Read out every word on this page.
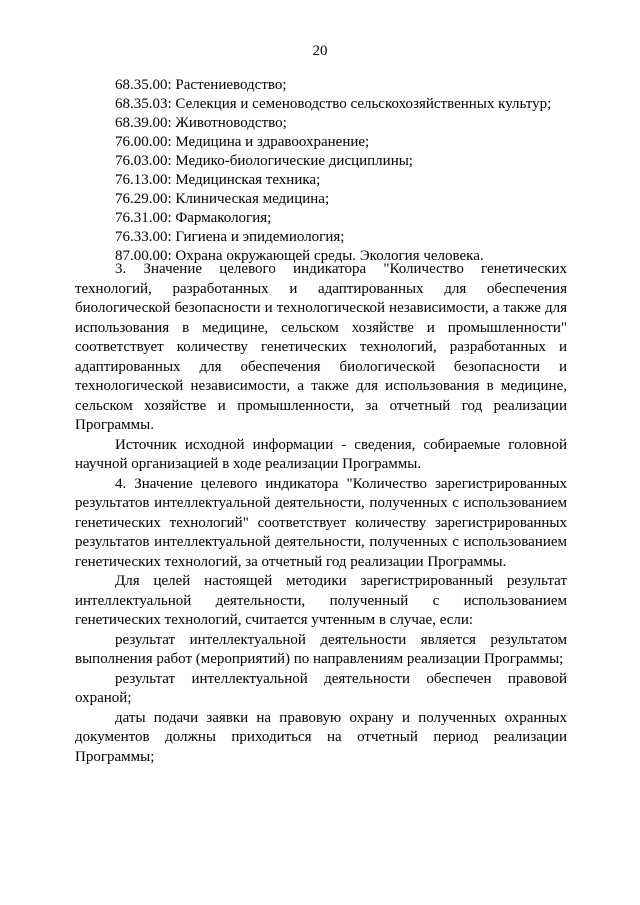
20
68.35.00: Растениеводство;
68.35.03: Селекция и семеноводство сельскохозяйственных культур;
68.39.00: Животноводство;
76.00.00: Медицина и здравоохранение;
76.03.00: Медико-биологические дисциплины;
76.13.00: Медицинская техника;
76.29.00: Клиническая медицина;
76.31.00: Фармакология;
76.33.00: Гигиена и эпидемиология;
87.00.00: Охрана окружающей среды. Экология человека.

3. Значение целевого индикатора "Количество генетических технологий, разработанных и адаптированных для обеспечения биологической безопасности и технологической независимости, а также для использования в медицине, сельском хозяйстве и промышленности" соответствует количеству генетических технологий, разработанных и адаптированных для обеспечения биологической безопасности и технологической независимости, а также для использования в медицине, сельском хозяйстве и промышленности, за отчетный год реализации Программы.

Источник исходной информации - сведения, собираемые головной научной организацией в ходе реализации Программы.

4. Значение целевого индикатора "Количество зарегистрированных результатов интеллектуальной деятельности, полученных с использованием генетических технологий" соответствует количеству зарегистрированных результатов интеллектуальной деятельности, полученных с использованием генетических технологий, за отчетный год реализации Программы.

Для целей настоящей методики зарегистрированный результат интеллектуальной деятельности, полученный с использованием генетических технологий, считается учтенным в случае, если:

результат интеллектуальной деятельности является результатом выполнения работ (мероприятий) по направлениям реализации Программы;

результат интеллектуальной деятельности обеспечен правовой охраной;

даты подачи заявки на правовую охрану и полученных охранных документов должны приходиться на отчетный период реализации Программы;
